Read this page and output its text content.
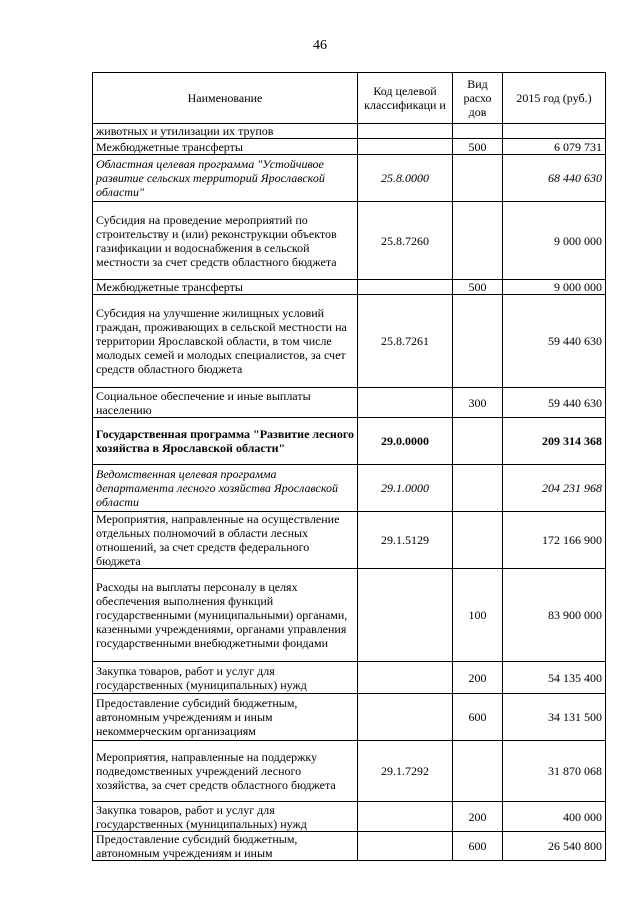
46
Наименование	Код целевой классификаци и	Вид расхо дов	2015 год (руб.)
животных и утилизации их трупов			
Межбюджетные трансферты		500	6 079 731
Областная целевая программа "Устойчивое развитие сельских территорий Ярославской области"	25.8.0000		68 440 630
Субсидия на проведение мероприятий по строительству и (или) реконструкции объектов газификации и водоснабжения в сельской местности за счет средств областного бюджета	25.8.7260		9 000 000
Межбюджетные трансферты		500	9 000 000
Субсидия на улучшение жилищных условий граждан, проживающих в сельской местности на территории Ярославской области, в том числе молодых семей и молодых специалистов, за счет средств областного бюджета	25.8.7261		59 440 630
Социальное обеспечение и иные выплаты населению		300	59 440 630
Государственная программа "Развитие лесного хозяйства в Ярославской области"	29.0.0000		209 314 368
Ведомственная целевая программа департамента лесного хозяйства Ярославской области	29.1.0000		204 231 968
Мероприятия, направленные на осуществление отдельных полномочий в области лесных отношений, за счет средств федерального бюджета	29.1.5129		172 166 900
Расходы на выплаты персоналу в целях обеспечения выполнения функций государственными (муниципальными) органами, казенными учреждениями, органами управления государственными внебюджетными фондами		100	83 900 000
Закупка товаров, работ и услуг для государственных (муниципальных) нужд		200	54 135 400
Предоставление субсидий бюджетным, автономным учреждениям и иным некоммерческим организациям		600	34 131 500
Мероприятия, направленные на поддержку подведомственных учреждений лесного хозяйства, за счет средств областного бюджета	29.1.7292		31 870 068
Закупка товаров, работ и услуг для государственных (муниципальных) нужд		200	400 000
Предоставление субсидий бюджетным, автономным учреждениям и иным		600	26 540 800
